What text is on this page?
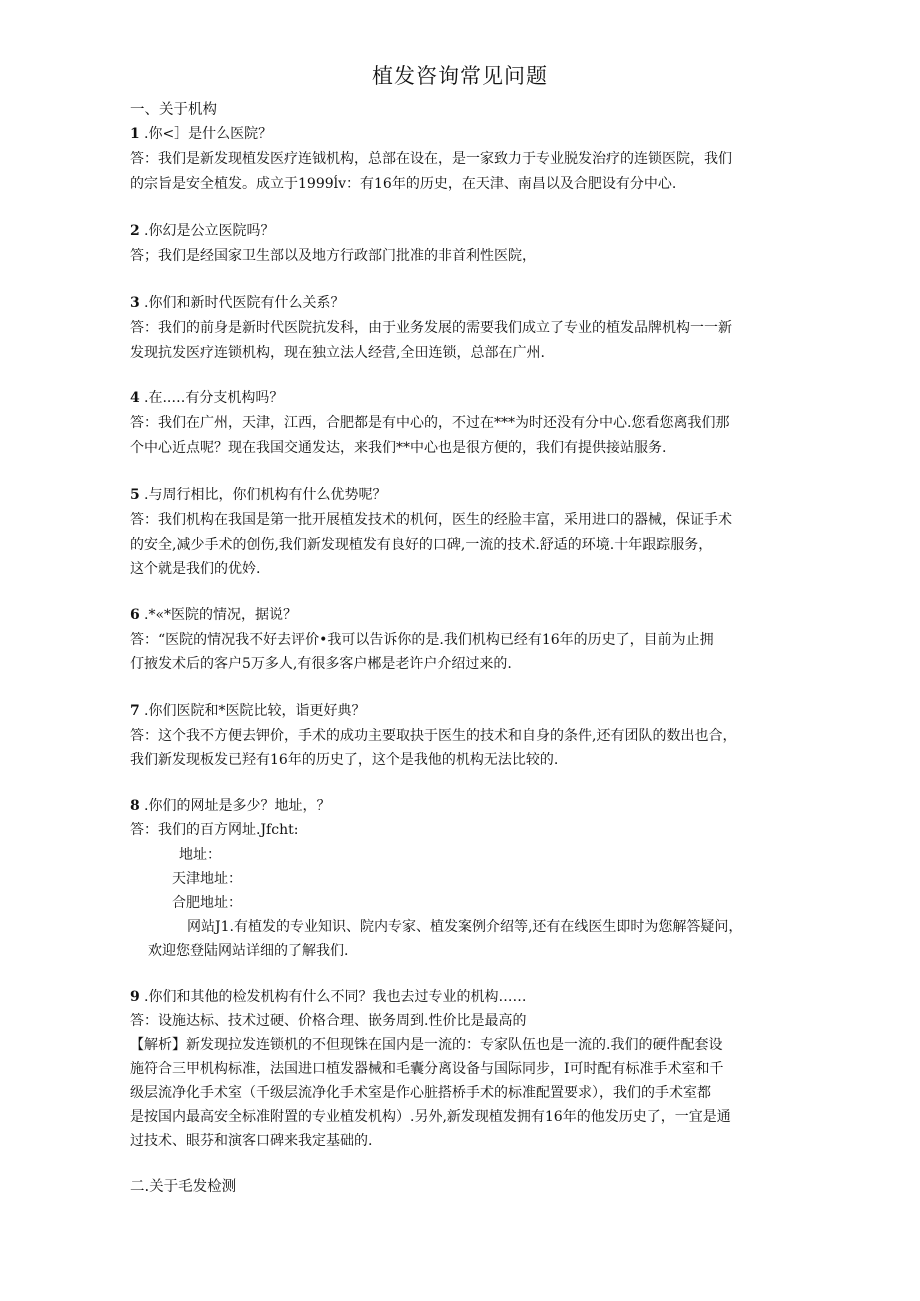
植发咨询常见问题
一、关于机构
1 .你<］是什么医院？
答：我们是新发现植发医疗连钺机构，总部在设在，是一家致力于专业脱发治疗的连锁医院，我们
的宗旨是安全植发。成立于1999ĺv：有16年的历史，在天津、南昌以及合肥设有分中心.
2 .你幻是公立医院吗？
答；我们是经国家卫生部以及地方行政部门批准的非首利性医院，
3 .你们和新时代医院有什么关系？
答：我们的前身是新时代医院抗发科，由于业务发展的需要我们成立了专业的植发品牌机构一一新
发现抗发医疗连锁机构，现在独立法人经营,全田连锁，总部在广州.
4 .在..…有分支机构吗？
答：我们在广州，天津，江西，合肥都是有中心的，不过在***为时还没有分中心.您看您离我们那
个中心近点呢？现在我国交通发达，来我们**中心也是很方便的，我们有提供接站服务.
5 .与周行相比，你们机构有什么优势呢？
答：我们机构在我国是第一批开展植发技术的机何，医生的经脸丰富，采用进口的器械，保证手术
的安全,减少手术的创伤,我们新发现植发有良好的口碑,一流的技术.舒适的环境.十年跟踪服务，
这个就是我们的优妗.
6 .*«*医院的情况，据说？
答：“医院的情况我不好去评价•我可以告诉你的是.我们机构已经有16年的历史了，目前为止拥
仃掖发术后的客户5万多人,有很多客户郴是老许户介绍过来的.
7 .你们医院和*医院比较，诣更好典？
答：这个我不方便去钾价，手术的成功主要取抉于医生的技术和自身的条件,还有团队的数出也合，
我们新发现板发已羟有16年的历史了，这个是我他的机构无法比较的.
8 .你们的网址是多少？地址，？
答：我们的百方网址.Jfcht:
地址：
天津地址：
合肥地址：
网站J1.有植发的专业知识、院内专家、植发案例介绍等,还有在线医生即时为您解答疑问，
欢迎您登陆网站详细的了解我们.
9 .你们和其他的检发机构有什么不同？我也去过专业的机构……
答：设施达标、技术过硬、价格合理、嵌务周到.性价比是最高的
【解析】新发现拉发连锁机的不但现铢在国内是一流的：专家队伍也是一流的.我们的硬件配套设
施符合三甲机构标准，法国进口植发器械和毛囊分离设备与国际同步，I可时配有标准手术室和千
级层流净化手术室（千级层流净化手术室是作心脏搭桥手术的标准配置要求），我们的手术室都
是按国内最高安全标准附置的专业植发机构）.另外,新发现植发拥有16年的他发历史了，一宜是通
过技术、眼芬和演客口碑来我定基础的.
二.关于毛发检测
